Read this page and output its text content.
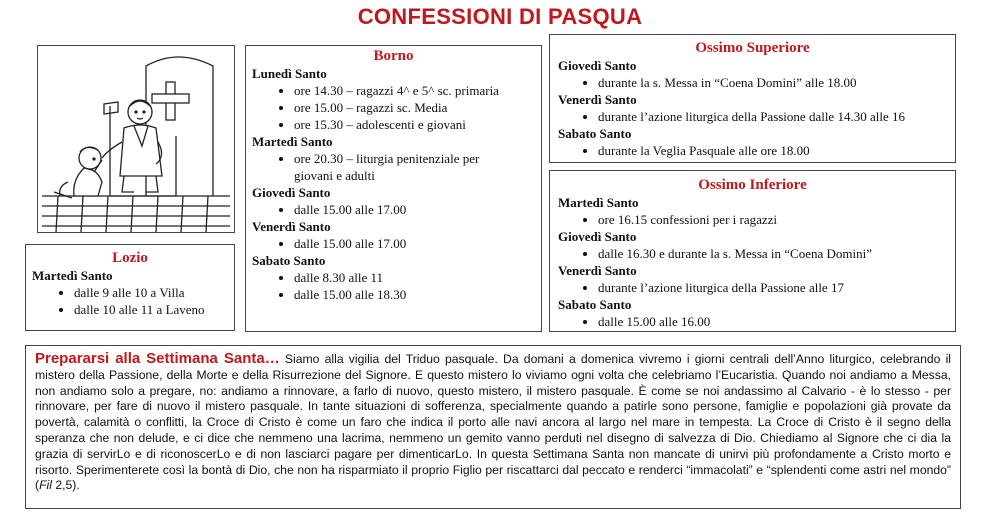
CONFESSIONI DI PASQUA
Borno
Lunedì Santo
• ore 14.30 – ragazzi 4^ e 5^ sc. primaria
• ore 15.00 – ragazzi sc. Media
• ore 15.30 – adolescenti e giovani
Martedì Santo
• ore 20.30 – liturgia penitenziale per giovani e adulti
Giovedì Santo
• dalle 15.00 alle 17.00
Venerdì Santo
• dalle 15.00 alle 17.00
Sabato Santo
• dalle 8.30 alle 11
• dalle 15.00 alle 18.30
Lozio
Martedì Santo
• dalle 9 alle 10 a Villa
• dalle 10 alle 11 a Laveno
Ossimo Superiore
Giovedì Santo
• durante la s. Messa in “Coena Domini” alle 18.00
Venerdì Santo
• durante l’azione liturgica della Passione dalle 14.30 alle 16
Sabato Santo
• durante la Veglia Pasquale alle ore 18.00
Ossimo Inferiore
Martedì Santo
• ore 16.15 confessioni per i ragazzi
Giovedì Santo
• dalle 16.30 e durante la s. Messa in “Coena Domini”
Venerdì Santo
• durante l’azione liturgica della Passione alle 17
Sabato Santo
• dalle 15.00 alle 16.00
Prepararsi alla Settimana Santa… Siamo alla vigilia del Triduo pasquale. Da domani a domenica vivremo i giorni centrali dell’Anno liturgico, celebrando il mistero della Passione, della Morte e della Risurrezione del Signore. E questo mistero lo viviamo ogni volta che celebriamo l’Eucaristia. Quando noi andiamo a Messa, non andiamo solo a pregare, no: andiamo a rinnovare, a farlo di nuovo, questo mistero, il mistero pasquale. È come se noi andassimo al Calvario - è lo stesso - per rinnovare, per fare di nuovo il mistero pasquale. In tante situazioni di sofferenza, specialmente quando a patirle sono persone, famiglie e popolazioni già provate da povertà, calamità o conflitti, la Croce di Cristo è come un faro che indica il porto alle navi ancora al largo nel mare in tempesta. La Croce di Cristo è il segno della speranza che non delude, e ci dice che nemmeno una lacrima, nemmeno un gemito vanno perduti nel disegno di salvezza di Dio. Chiediamo al Signore che ci dia la grazia di servirLo e di riconoscerLo e di non lasciarci pagare per dimenticarLo. In questa Settimana Santa non mancate di unirvi più profondamente a Cristo morto e risorto. Sperimenterete così la bontà di Dio, che non ha risparmiato il proprio Figlio per riscattarci dal peccato e renderci “immacolati” e “splendenti come astri nel mondo” (Fil 2,5).
